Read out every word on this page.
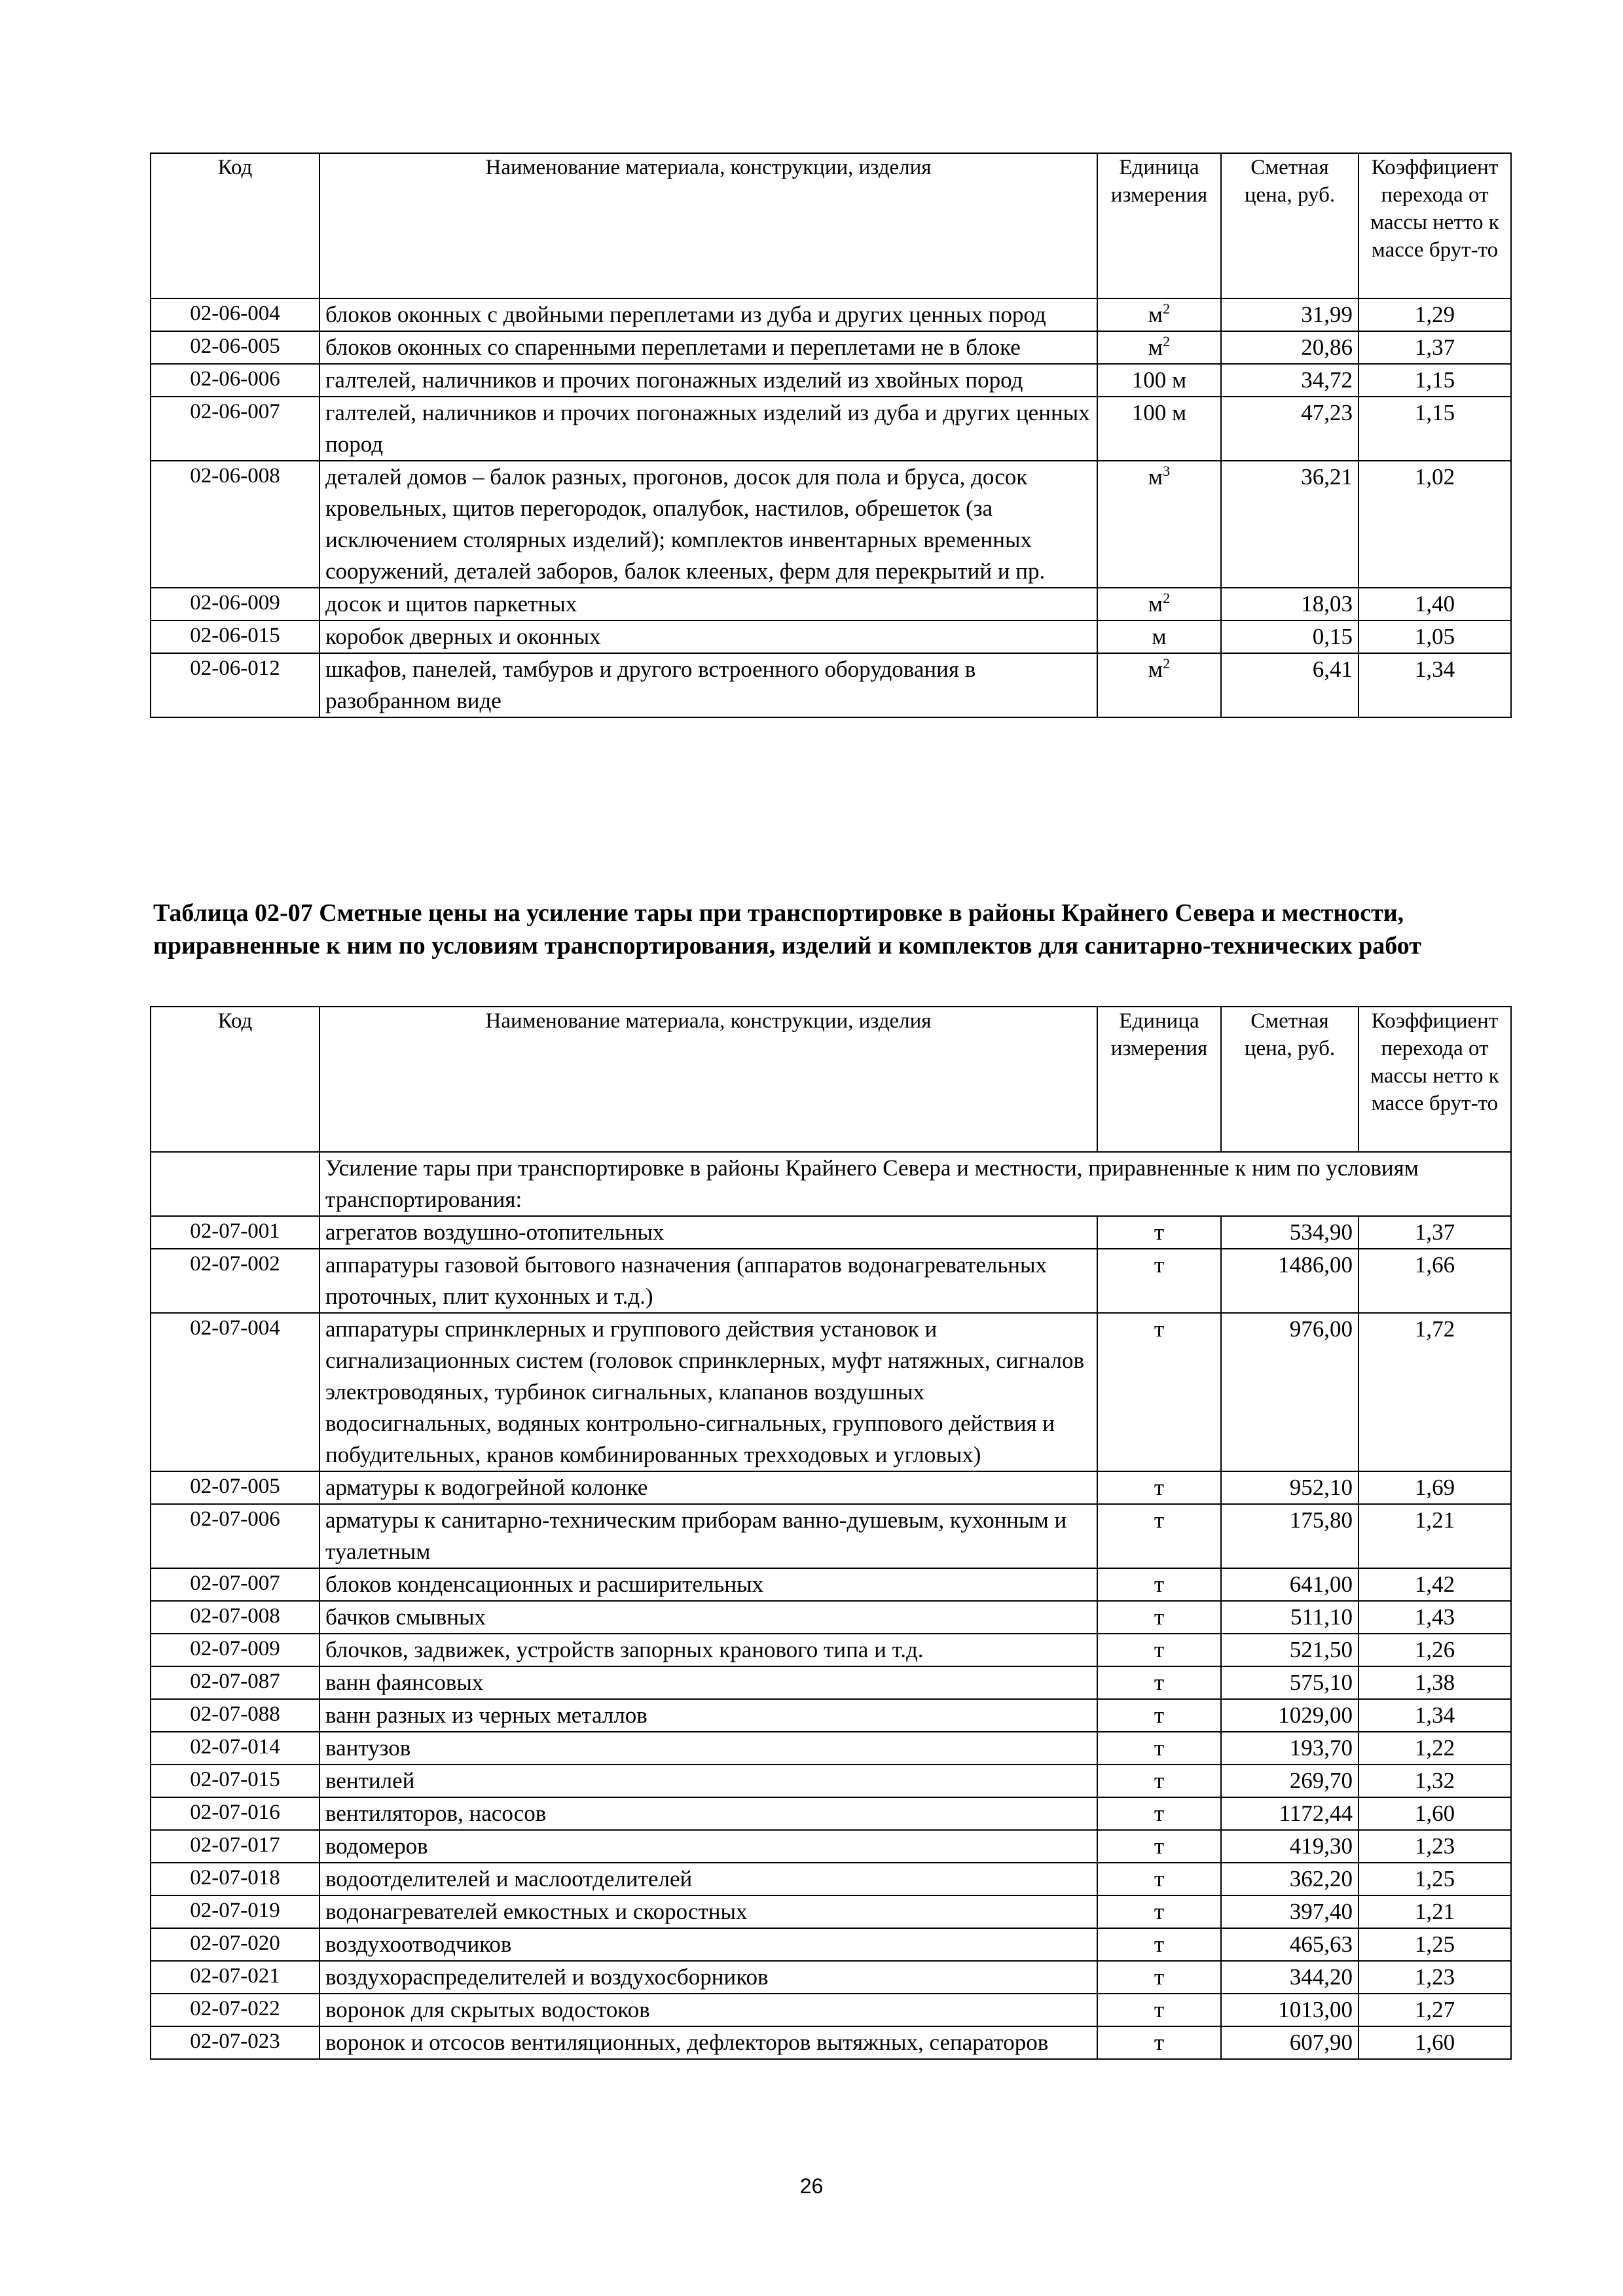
Код	Наименование материала, конструкции, изделия	Единица измерения	Сметная цена, руб.	Коэффициент перехода от массы нетто к массе брут-то
02-06-004	блоков оконных с двойными переплетами из дуба и других ценных пород	$м^2$	31,99	1,29
02-06-005	блоков оконных со спаренными переплетами и переплетами не в блоке	$м^2$	20,86	1,37
02-06-006	галтелей, наличников и прочих погонажных изделий из хвойных пород	100 м	34,72	1,15
02-06-007	галтелей, наличников и прочих погонажных изделий из дуба и других ценных пород	100 м	47,23	1,15
02-06-008	деталей домов – балок разных, прогонов, досок для пола и бруса, досок кровельных, щитов перегородок, опалубок, настилов, обрешеток (за исключением столярных изделий); комплектов инвентарных временных сооружений, деталей заборов, балок клееных, ферм для перекрытий и пр.	$м^3$	36,21	1,02
02-06-009	досок и щитов паркетных	$м^2$	18,03	1,40
02-06-015	коробок дверных и оконных	м	0,15	1,05
02-06-012	шкафов, панелей, тамбуров и другого встроенного оборудования в разобранном виде	$м^2$	6,41	1,34
Таблица 02-07 Сметные цены на усиление тары при транспортировке в районы Крайнего Севера и местности, приравненные к ним по условиям транспортирования, изделий и комплектов для санитарно-технических работ
Код	Наименование материала, конструкции, изделия	Единица измерения	Сметная цена, руб.	Коэффициент перехода от массы нетто к массе брут-то
	Усиление тары при транспортировке в районы Крайнего Севера и местности, приравненные к ним по условиям транспортирования:			
02-07-001	агрегатов воздушно-отопительных	т	534,90	1,37
02-07-002	аппаратуры газовой бытового назначения (аппаратов водонагревательных проточных, плит кухонных и т.д.)	т	1486,00	1,66
02-07-004	аппаратуры спринклерных и группового действия установок и сигнализационных систем (головок спринклерных, муфт натяжных, сигналов электроводяных, турбинок сигнальных, клапанов воздушных водосигнальных, водяных контрольно-сигнальных, группового действия и побудительных, кранов комбинированных трехходовых и угловых)	т	976,00	1,72
02-07-005	арматуры к водогрейной колонке	т	952,10	1,69
02-07-006	арматуры к санитарно-техническим приборам ванно-душевым, кухонным и туалетным	т	175,80	1,21
02-07-007	блоков конденсационных и расширительных	т	641,00	1,42
02-07-008	бачков смывных	т	511,10	1,43
02-07-009	блочков, задвижек, устройств запорных кранового типа и т.д.	т	521,50	1,26
02-07-087	ванн фаянсовых	т	575,10	1,38
02-07-088	ванн разных из черных металлов	т	1029,00	1,34
02-07-014	вантузов	т	193,70	1,22
02-07-015	вентилей	т	269,70	1,32
02-07-016	вентиляторов, насосов	т	1172,44	1,60
02-07-017	водомеров	т	419,30	1,23
02-07-018	водоотделителей и маслоотделителей	т	362,20	1,25
02-07-019	водонагревателей емкостных и скоростных	т	397,40	1,21
02-07-020	воздухоотводчиков	т	465,63	1,25
02-07-021	воздухораспределителей и воздухосборников	т	344,20	1,23
02-07-022	воронок для скрытых водостоков	т	1013,00	1,27
02-07-023	воронок и отсосов вентиляционных, дефлекторов вытяжных, сепараторов	т	607,90	1,60
26
